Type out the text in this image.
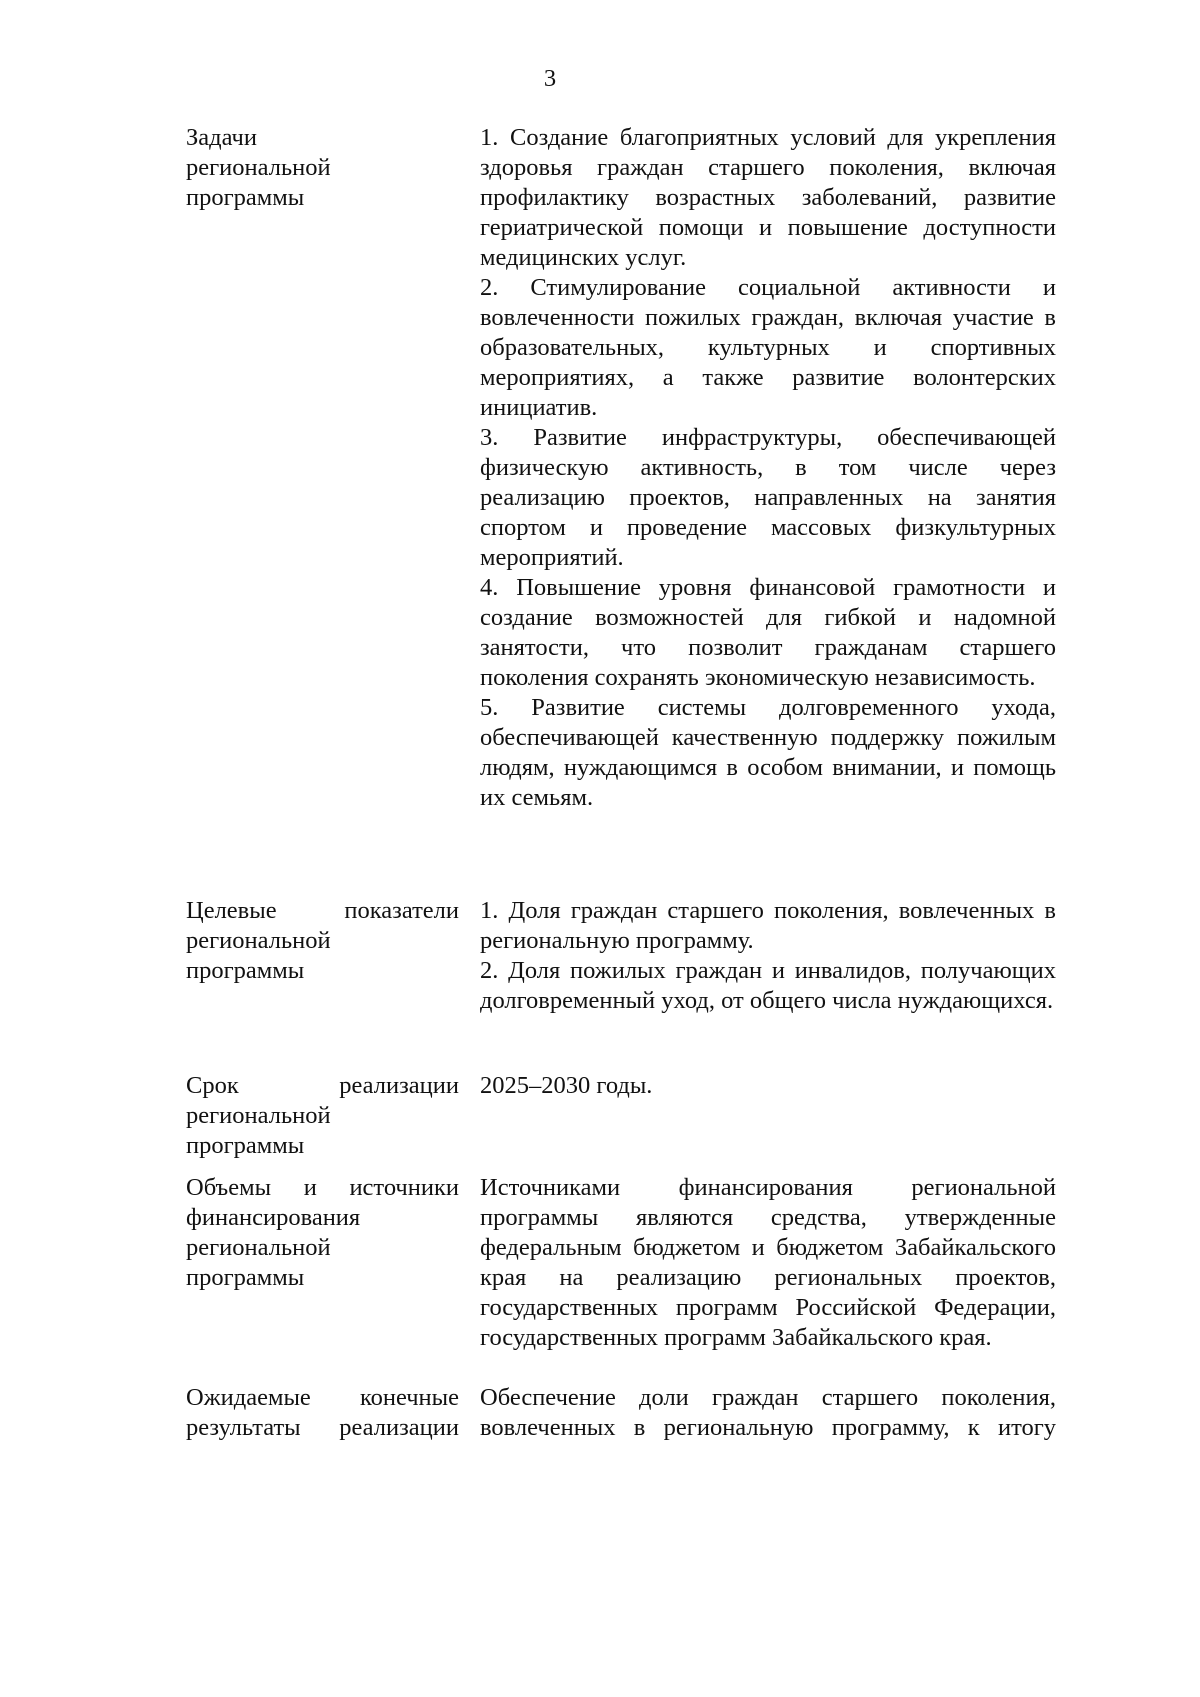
3
Задачи
региональной
программы

1. Создание благоприятных условий для укрепления здоровья граждан старшего поколения, включая профилактику возрастных заболеваний, развитие гериатрической помощи и повышение доступности медицинских услуг.

2. Стимулирование социальной активности и вовлеченности пожилых граждан, включая участие в образовательных, культурных и спортивных мероприятиях, а также развитие волонтерских инициатив.

3. Развитие инфраструктуры, обеспечивающей физическую активность, в том числе через реализацию проектов, направленных на занятия спортом и проведение массовых физкультурных мероприятий.

4. Повышение уровня финансовой грамотности и создание возможностей для гибкой и надомной занятости, что позволит гражданам старшего поколения сохранять экономическую независимость.

5. Развитие системы долговременного ухода, обеспечивающей качественную поддержку пожилым людям, нуждающимся в особом внимании, и помощь их семьям.

Целевые показатели
региональной
программы

1. Доля граждан старшего поколения, вовлеченных в региональную программу.

2. Доля пожилых граждан и инвалидов, получающих долговременный уход, от общего числа нуждающихся.

Срок реализации
региональной
программы

2025–2030 годы.

Объемы и источники
финансирования
региональной
программы

Источниками финансирования региональной программы являются средства, утвержденные федеральным бюджетом и бюджетом Забайкальского края на реализацию региональных проектов, государственных программ Российской Федерации, государственных программ Забайкальского края.

Ожидаемые конечные
результаты реализации

Обеспечение доли граждан старшего поколения, вовлеченных в региональную программу, к итогу
